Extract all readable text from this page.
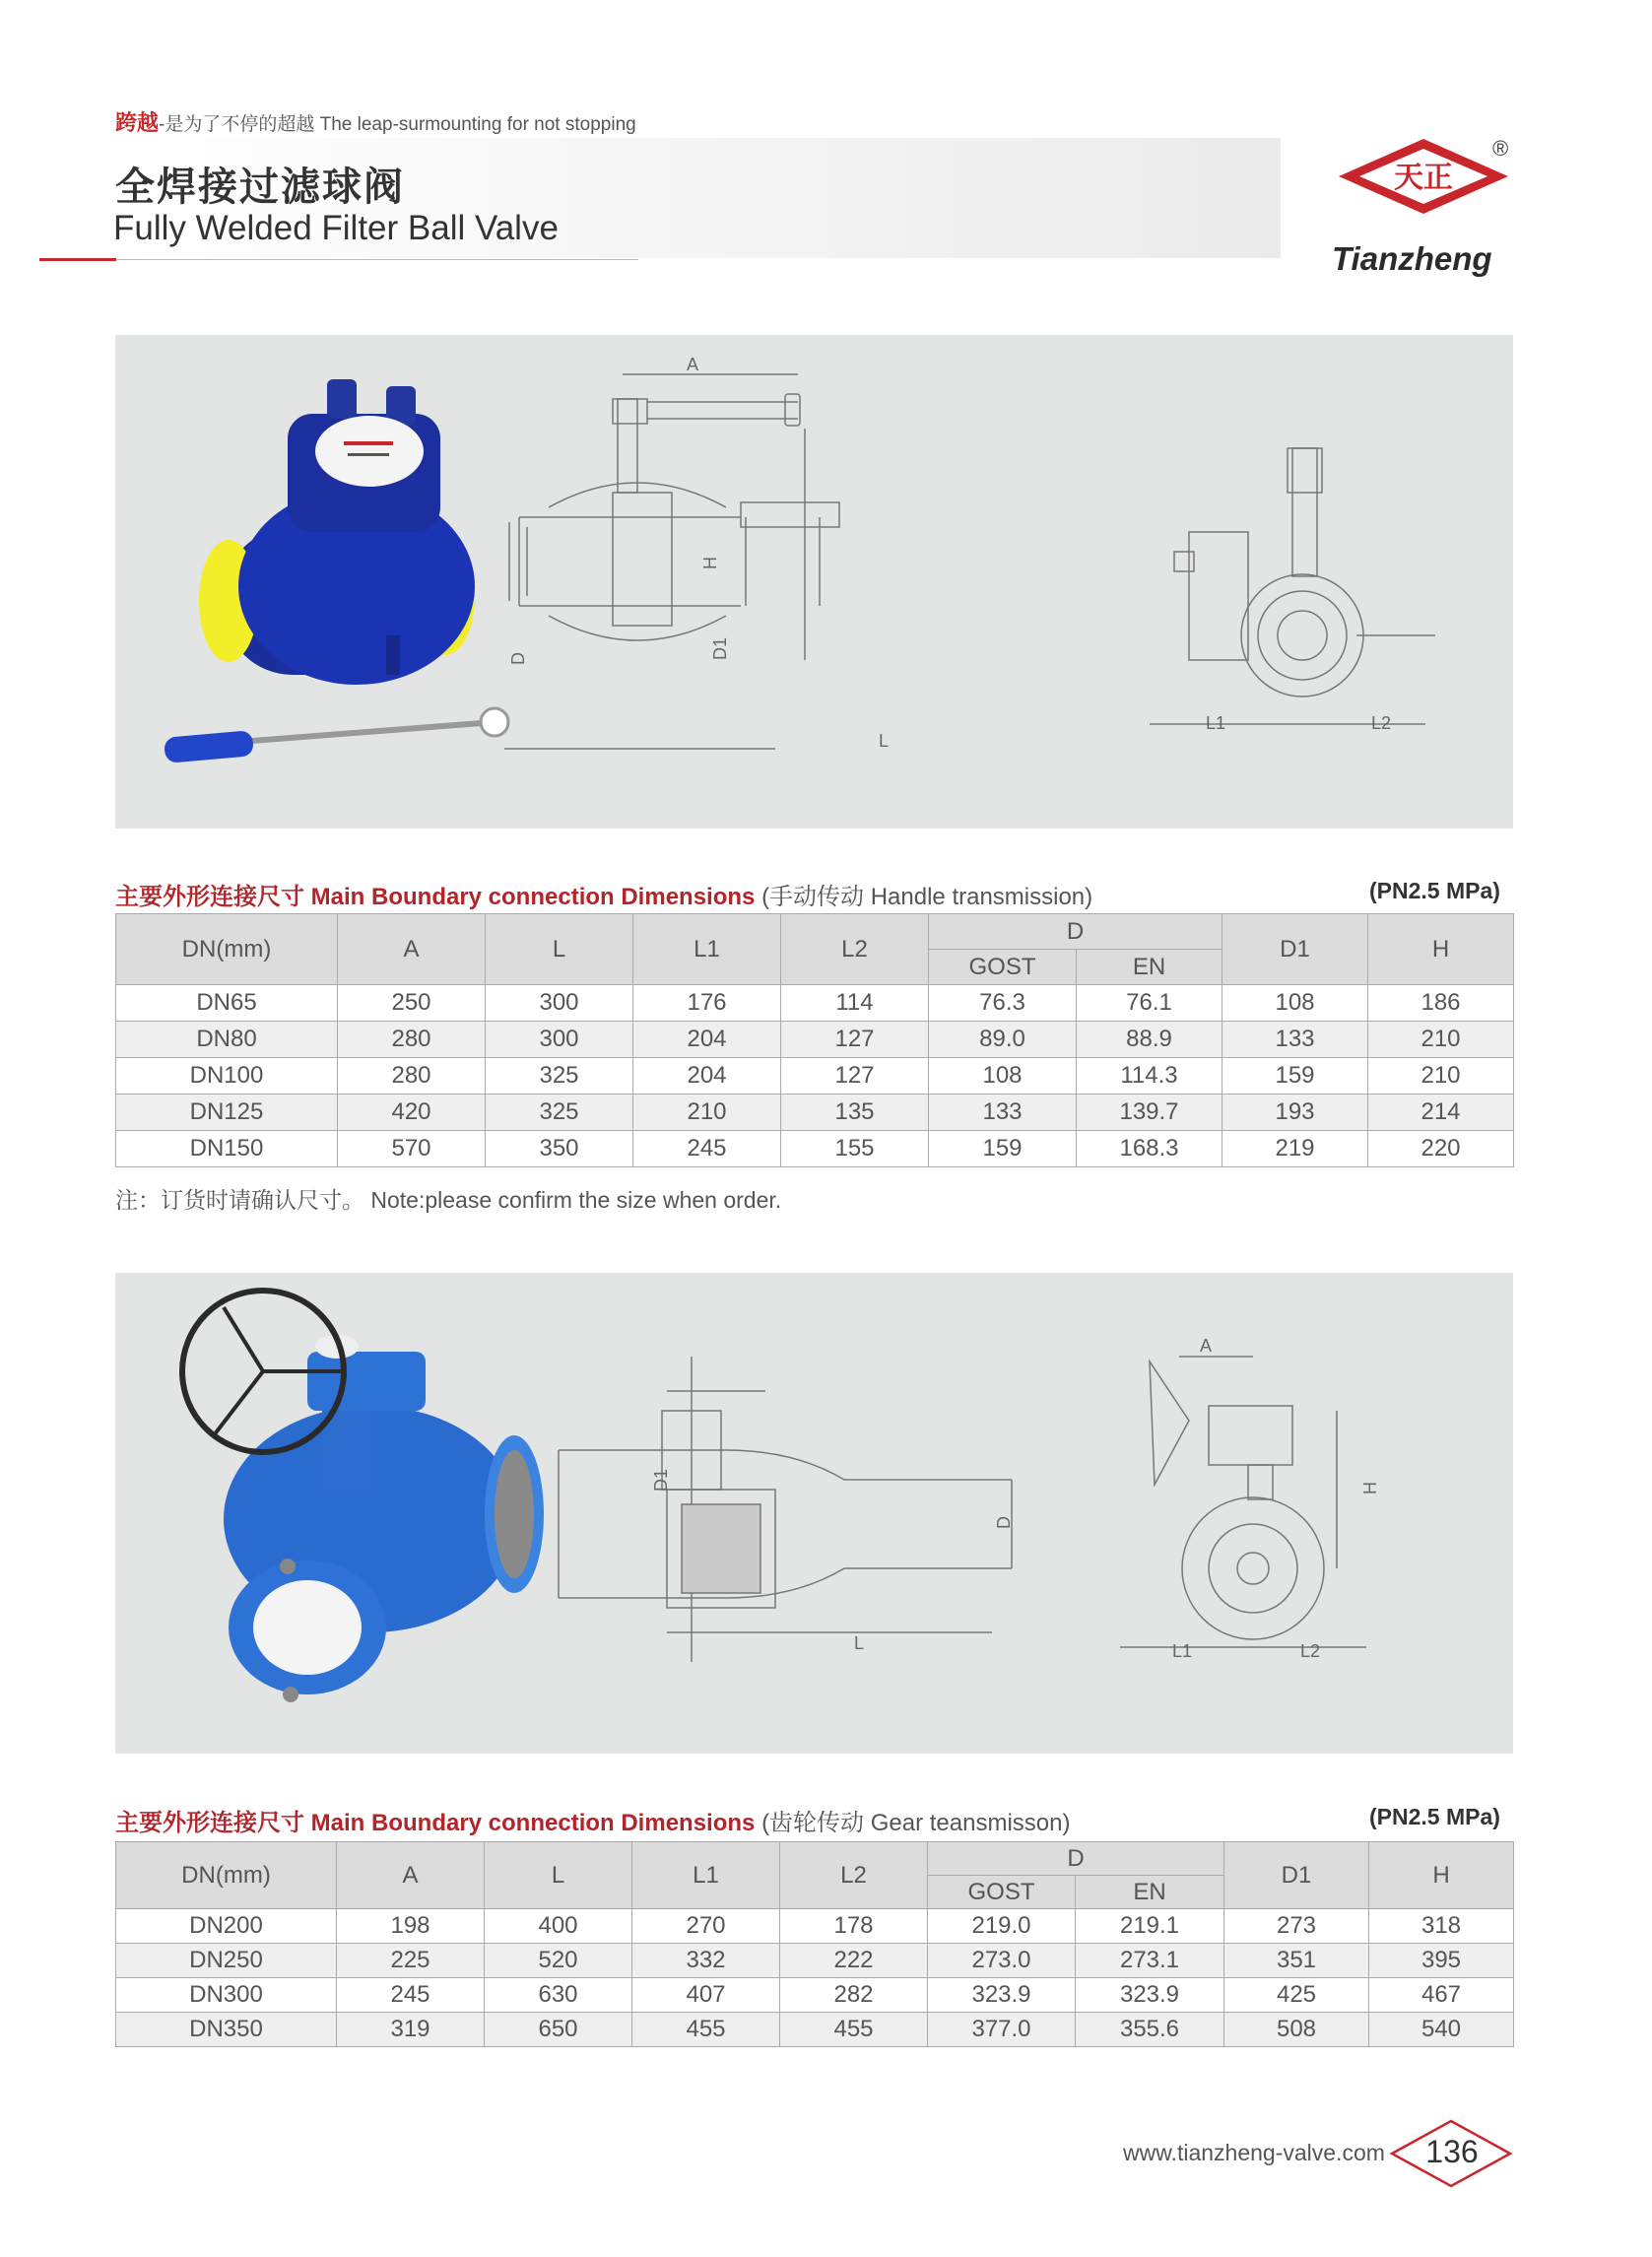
跨越-是为了不停的超越 The leap-surmounting for not stopping
全焊接过滤球阀
Fully Welded Filter Ball Valve
天正
®
Tianzheng
A
H
D1
D
L
L1	L2
主要外形连接尺寸 Main Boundary connection Dimensions (手动传动 Handle transmission)	(PN2.5 MPa)
DN(mm)	A	L	L1	L2	D		D1	H
					GOST	EN		
DN65	250	300	176	114	76.3	76.1	108	186
DN80	280	300	204	127	89.0	88.9	133	210
DN100	280	325	204	127	108	114.3	159	210
DN125	420	325	210	135	133	139.7	193	214
DN150	570	350	245	155	159	168.3	219	220
注：订货时请确认尺寸。 Note:please confirm the size when order.
D1
D
L
A
H
L1	L2
主要外形连接尺寸 Main Boundary connection Dimensions (齿轮传动 Gear teansmisson)	(PN2.5 MPa)
DN(mm)	A	L	L1	L2	D		D1	H
					GOST	EN		
DN200	198	400	270	178	219.0	219.1	273	318
DN250	225	520	332	222	273.0	273.1	351	395
DN300	245	630	407	282	323.9	323.9	425	467
DN350	319	650	455	455	377.0	355.6	508	540
www.tianzheng-valve.com 136
